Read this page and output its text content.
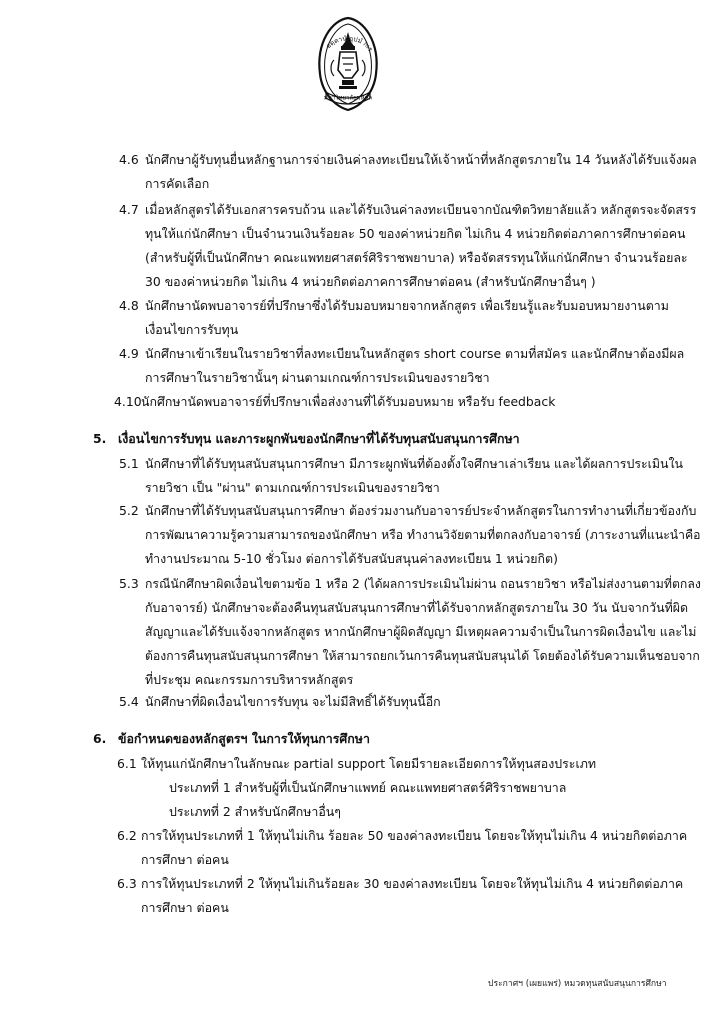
อตฺตานํ อุปมํ กเร
มหาวิทยาลัยมหิดล
4.6 นักศึกษาผู้รับทุนยื่นหลักฐานการจ่ายเงินค่าลงทะเบียนให้เจ้าหน้าที่หลักสูตรภายใน 14 วันหลังได้รับแจ้งผล
การคัดเลือก
4.7 เมื่อหลักสูตรได้รับเอกสารครบถ้วน และได้รับเงินค่าลงทะเบียนจากบัณฑิตวิทยาลัยแล้ว หลักสูตรจะจัดสรร
ทุนให้แก่นักศึกษา เป็นจำนวนเงินร้อยละ 50 ของค่าหน่วยกิต ไม่เกิน 4 หน่วยกิตต่อภาคการศึกษาต่อคน
(สำหรับผู้ที่เป็นนักศึกษา คณะแพทยศาสตร์ศิริราชพยาบาล) หรือจัดสรรทุนให้แก่นักศึกษา จำนวนร้อยละ
30 ของค่าหน่วยกิต ไม่เกิน 4 หน่วยกิตต่อภาคการศึกษาต่อคน (สำหรับนักศึกษาอื่นๆ )
4.8 นักศึกษานัดพบอาจารย์ที่ปรึกษาซึ่งได้รับมอบหมายจากหลักสูตร เพื่อเรียนรู้และรับมอบหมายงานตาม
เงื่อนไขการรับทุน
4.9 นักศึกษาเข้าเรียนในรายวิชาที่ลงทะเบียนในหลักสูตร short course ตามที่สมัคร และนักศึกษาต้องมีผล
การศึกษาในรายวิชานั้นๆ ผ่านตามเกณฑ์การประเมินของรายวิชา
4.10 นักศึกษานัดพบอาจารย์ที่ปรึกษาเพื่อส่งงานที่ได้รับมอบหมาย หรือรับ feedback
5. เงื่อนไขการรับทุน และภาระผูกพันของนักศึกษาที่ได้รับทุนสนับสนุนการศึกษา
5.1 นักศึกษาที่ได้รับทุนสนับสนุนการศึกษา มีภาระผูกพันที่ต้องตั้งใจศึกษาเล่าเรียน และได้ผลการประเมินใน
รายวิชา เป็น "ผ่าน" ตามเกณฑ์การประเมินของรายวิชา
5.2 นักศึกษาที่ได้รับทุนสนับสนุนการศึกษา ต้องร่วมงานกับอาจารย์ประจำหลักสูตรในการทำงานที่เกี่ยวข้องกับ
การพัฒนาความรู้ความสามารถของนักศึกษา หรือ ทำงานวิจัยตามที่ตกลงกับอาจารย์ (ภาระงานที่แนะนำคือ
ทำงานประมาณ 5-10 ชั่วโมง ต่อการได้รับสนับสนุนค่าลงทะเบียน 1 หน่วยกิต)
5.3 กรณีนักศึกษาผิดเงื่อนไขตามข้อ 1 หรือ 2 (ได้ผลการประเมินไม่ผ่าน ถอนรายวิชา หรือไม่ส่งงานตามที่ตกลง
กับอาจารย์) นักศึกษาจะต้องคืนทุนสนับสนุนการศึกษาที่ได้รับจากหลักสูตรภายใน 30 วัน นับจากวันที่ผิด
สัญญาและได้รับแจ้งจากหลักสูตร หากนักศึกษาผู้ผิดสัญญา มีเหตุผลความจำเป็นในการผิดเงื่อนไข และไม่
ต้องการคืนทุนสนับสนุนการศึกษา ให้สามารถยกเว้นการคืนทุนสนับสนุนได้ โดยต้องได้รับความเห็นชอบจาก
ที่ประชุม คณะกรรมการบริหารหลักสูตร
5.4 นักศึกษาที่ผิดเงื่อนไขการรับทุน จะไม่มีสิทธิ์ได้รับทุนนี้อีก
6. ข้อกำหนดของหลักสูตรฯ ในการให้ทุนการศึกษา
6.1 ให้ทุนแก่นักศึกษาในลักษณะ partial support โดยมีรายละเอียดการให้ทุนสองประเภท
ประเภทที่ 1 สำหรับผู้ที่เป็นนักศึกษาแพทย์ คณะแพทยศาสตร์ศิริราชพยาบาล
ประเภทที่ 2 สำหรับนักศึกษาอื่นๆ
6.2 การให้ทุนประเภทที่ 1 ให้ทุนไม่เกิน ร้อยละ 50 ของค่าลงทะเบียน โดยจะให้ทุนไม่เกิน 4 หน่วยกิตต่อภาค
การศึกษา ต่อคน
6.3 การให้ทุนประเภทที่ 2 ให้ทุนไม่เกินร้อยละ 30 ของค่าลงทะเบียน โดยจะให้ทุนไม่เกิน 4 หน่วยกิตต่อภาค
การศึกษา ต่อคน
ประกาศฯ (เผยแพร่) หมวดทุนสนับสนุนการศึกษา
